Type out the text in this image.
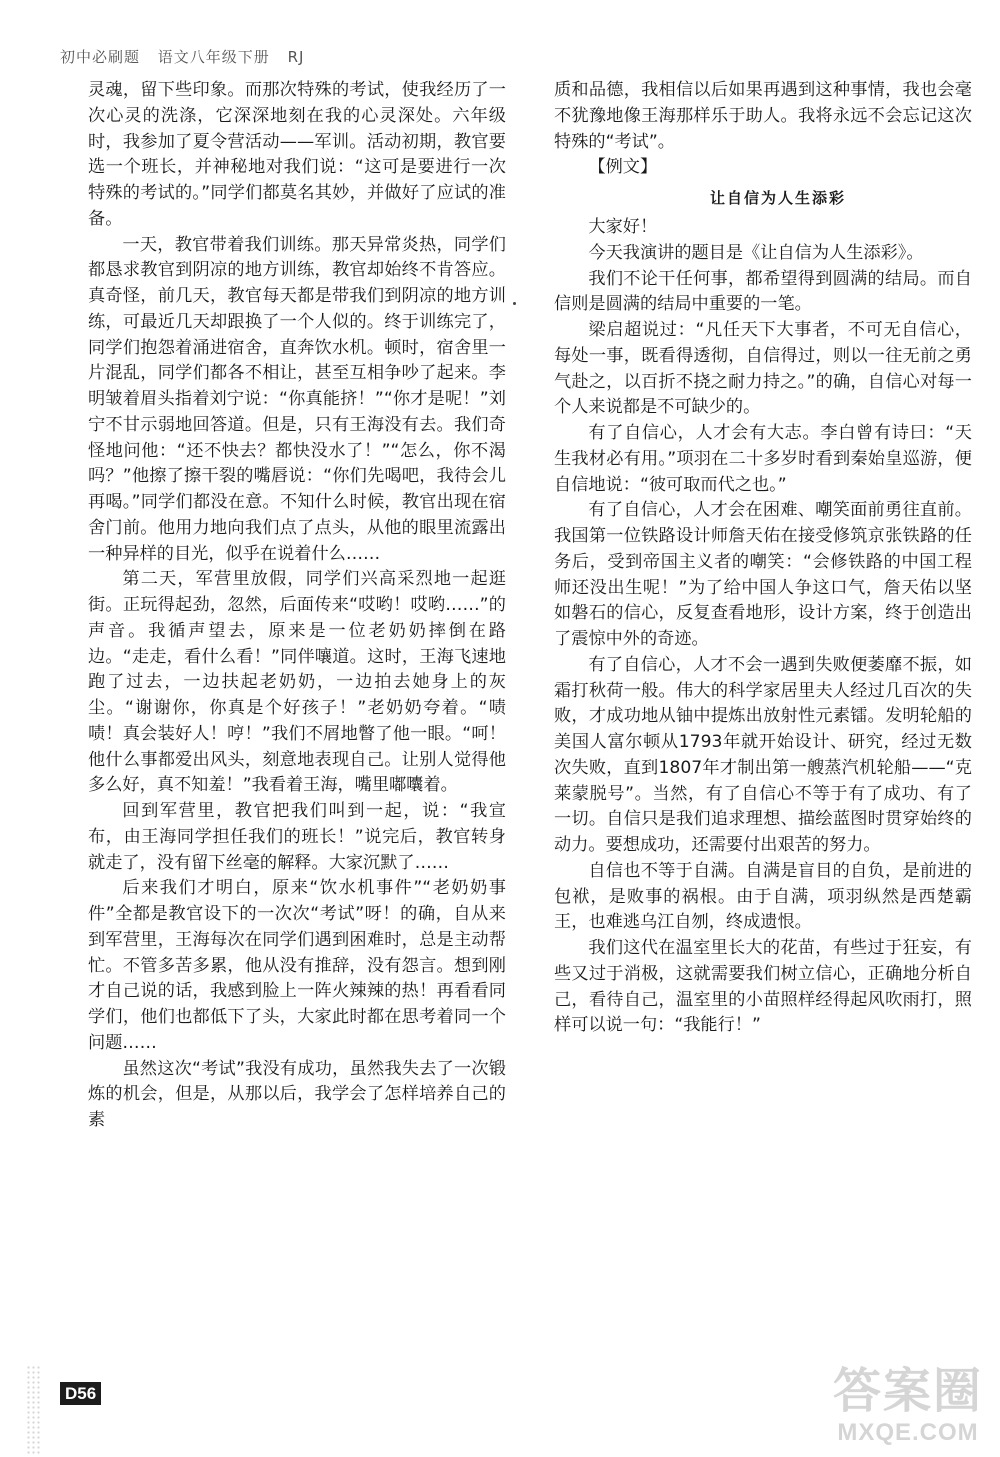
初中必刷题 语文八年级下册 RJ

灵魂，留下些印象。而那次特殊的考试，使我经历了一次心灵的洗涤，它深深地刻在我的心灵深处。六年级时，我参加了夏令营活动——军训。活动初期，教官要选一个班长，并神秘地对我们说：“这可是要进行一次特殊的考试的。”同学们都莫名其妙，并做好了应试的准备。

一天，教官带着我们训练。那天异常炎热，同学们都恳求教官到阴凉的地方训练，教官却始终不肯答应。真奇怪，前几天，教官每天都是带我们到阴凉的地方训练，可最近几天却跟换了一个人似的。终于训练完了，同学们抱怨着涌进宿舍，直奔饮水机。顿时，宿舍里一片混乱，同学们都各不相让，甚至互相争吵了起来。李明皱着眉头指着刘宁说：“你真能挤！”“你才是呢！”刘宁不甘示弱地回答道。但是，只有王海没有去。我们奇怪地问他：“还不快去？都快没水了！”“怎么，你不渴吗？”他擦了擦干裂的嘴唇说：“你们先喝吧，我待会儿再喝。”同学们都没在意。不知什么时候，教官出现在宿舍门前。他用力地向我们点了点头，从他的眼里流露出一种异样的目光，似乎在说着什么……

第二天，军营里放假，同学们兴高采烈地一起逛街。正玩得起劲，忽然，后面传来“哎哟！哎哟……”的声音。我循声望去，原来是一位老奶奶摔倒在路边。“走走，看什么看！”同伴嚷道。这时，王海飞速地跑了过去，一边扶起老奶奶，一边拍去她身上的灰尘。“谢谢你，你真是个好孩子！”老奶奶夸着。“啧啧！真会装好人！哼！”我们不屑地瞥了他一眼。“呵！他什么事都爱出风头，刻意地表现自己。让别人觉得他多么好，真不知羞！”我看着王海，嘴里嘟囔着。

回到军营里，教官把我们叫到一起，说：“我宣布，由王海同学担任我们的班长！”说完后，教官转身就走了，没有留下丝毫的解释。大家沉默了……

后来我们才明白，原来“饮水机事件”“老奶奶事件”全都是教官设下的一次次“考试”呀！的确，自从来到军营里，王海每次在同学们遇到困难时，总是主动帮忙。不管多苦多累，他从没有推辞，没有怨言。想到刚才自己说的话，我感到脸上一阵火辣辣的热！再看看同学们，他们也都低下了头，大家此时都在思考着同一个问题……

虽然这次“考试”我没有成功，虽然我失去了一次锻炼的机会，但是，从那以后，我学会了怎样培养自己的素

质和品德，我相信以后如果再遇到这种事情，我也会毫不犹豫地像王海那样乐于助人。我将永远不会忘记这次特殊的“考试”。

【例文】

让自信为人生添彩

大家好！

今天我演讲的题目是《让自信为人生添彩》。

我们不论干任何事，都希望得到圆满的结局。而自信则是圆满的结局中重要的一笔。

梁启超说过：“凡任天下大事者，不可无自信心，每处一事，既看得透彻，自信得过，则以一往无前之勇气赴之，以百折不挠之耐力持之。”的确，自信心对每一个人来说都是不可缺少的。

有了自信心，人才会有大志。李白曾有诗曰：“天生我材必有用。”项羽在二十多岁时看到秦始皇巡游，便自信地说：“彼可取而代之也。”

有了自信心，人才会在困难、嘲笑面前勇往直前。我国第一位铁路设计师詹天佑在接受修筑京张铁路的任务后，受到帝国主义者的嘲笑：“会修铁路的中国工程师还没出生呢！”为了给中国人争这口气，詹天佑以坚如磐石的信心，反复查看地形，设计方案，终于创造出了震惊中外的奇迹。

有了自信心，人才不会一遇到失败便萎靡不振，如霜打秋荷一般。伟大的科学家居里夫人经过几百次的失败，才成功地从铀中提炼出放射性元素镭。发明轮船的美国人富尔顿从1793年就开始设计、研究，经过无数次失败，直到1807年才制出第一艘蒸汽机轮船——“克莱蒙脱号”。当然，有了自信心不等于有了成功、有了一切。自信只是我们追求理想、描绘蓝图时贯穿始终的动力。要想成功，还需要付出艰苦的努力。

自信也不等于自满。自满是盲目的自负，是前进的包袱，是败事的祸根。由于自满，项羽纵然是西楚霸王，也难逃乌江自刎，终成遗恨。

我们这代在温室里长大的花苗，有些过于狂妄，有些又过于消极，这就需要我们树立信心，正确地分析自己，看待自己，温室里的小苗照样经得起风吹雨打，照样可以说一句：“我能行！”

D56	答案圈
MXQE.COM
